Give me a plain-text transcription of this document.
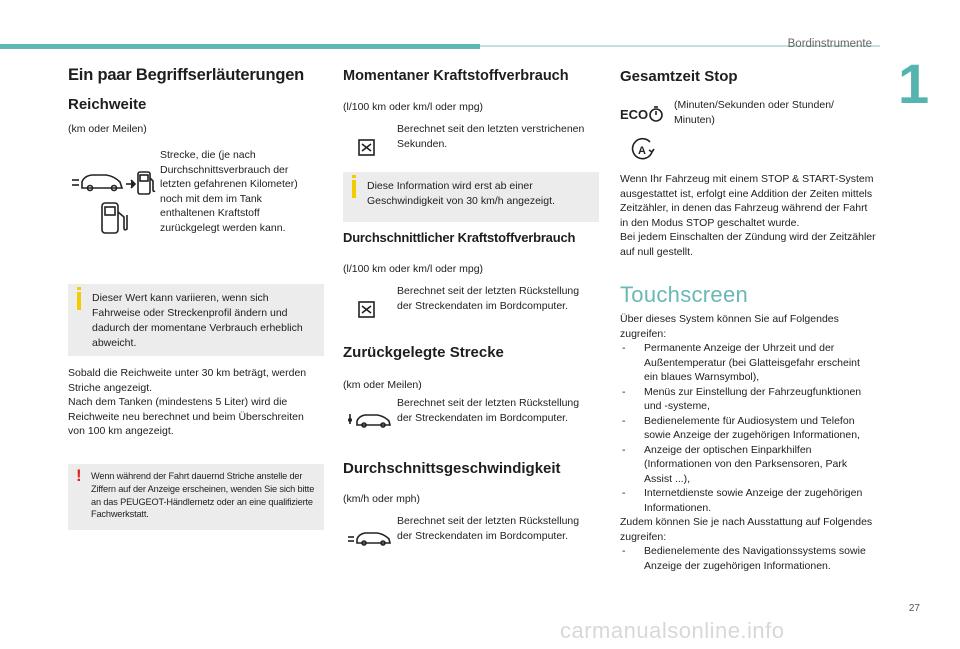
Bordinstrumente
1
Ein paar Begriffserläuterungen
Reichweite
(km oder Meilen)
Strecke, die (je nach Durchschnittsverbrauch der letzten gefahrenen Kilometer) noch mit dem im Tank enthaltenen Kraftstoff zurückgelegt werden kann.
Dieser Wert kann variieren, wenn sich Fahrweise oder Streckenprofil ändern und dadurch der momentane Verbrauch erheblich abweicht.
Sobald die Reichweite unter 30 km beträgt, werden Striche angezeigt.
Nach dem Tanken (mindestens 5 Liter) wird die Reichweite neu berechnet und beim Überschreiten von 100 km angezeigt.
! Wenn während der Fahrt dauernd Striche anstelle der Ziffern auf der Anzeige erscheinen, wenden Sie sich bitte an das PEUGEOT-Händlernetz oder an eine qualifizierte Fachwerkstatt.
Momentaner Kraftstoffverbrauch
(l/100 km oder km/l oder mpg)
Berechnet seit den letzten verstrichenen Sekunden.
Diese Information wird erst ab einer Geschwindigkeit von 30 km/h angezeigt.
Durchschnittlicher Kraftstoffverbrauch
(l/100 km oder km/l oder mpg)
Berechnet seit der letzten Rückstellung der Streckendaten im Bordcomputer.
Zurückgelegte Strecke
(km oder Meilen)
Berechnet seit der letzten Rückstellung der Streckendaten im Bordcomputer.
Durchschnittsgeschwindigkeit
(km/h oder mph)
Berechnet seit der letzten Rückstellung der Streckendaten im Bordcomputer.
Gesamtzeit Stop
ECO
(Minuten/Sekunden oder Stunden/ Minuten)
A
Wenn Ihr Fahrzeug mit einem STOP & START-System ausgestattet ist, erfolgt eine Addition der Zeiten mittels Zeitzähler, in denen das Fahrzeug während der Fahrt in den Modus STOP geschaltet wurde.
Bei jedem Einschalten der Zündung wird der Zeitzähler auf null gestellt.
Touchscreen
Über dieses System können Sie auf Folgendes zugreifen:
- Permanente Anzeige der Uhrzeit und der Außentemperatur (bei Glatteisgefahr erscheint ein blaues Warnsymbol),
- Menüs zur Einstellung der Fahrzeugfunktionen und -systeme,
- Bedienelemente für Audiosystem und Telefon sowie Anzeige der zugehörigen Informationen,
- Anzeige der optischen Einparkhilfen (Informationen von den Parksensoren, Park Assist ...),
- Internetdienste sowie Anzeige der zugehörigen Informationen.
Zudem können Sie je nach Ausstattung auf Folgendes zugreifen:
- Bedienelemente des Navigationssystems sowie Anzeige der zugehörigen Informationen.
27
carmanualsonline.info
